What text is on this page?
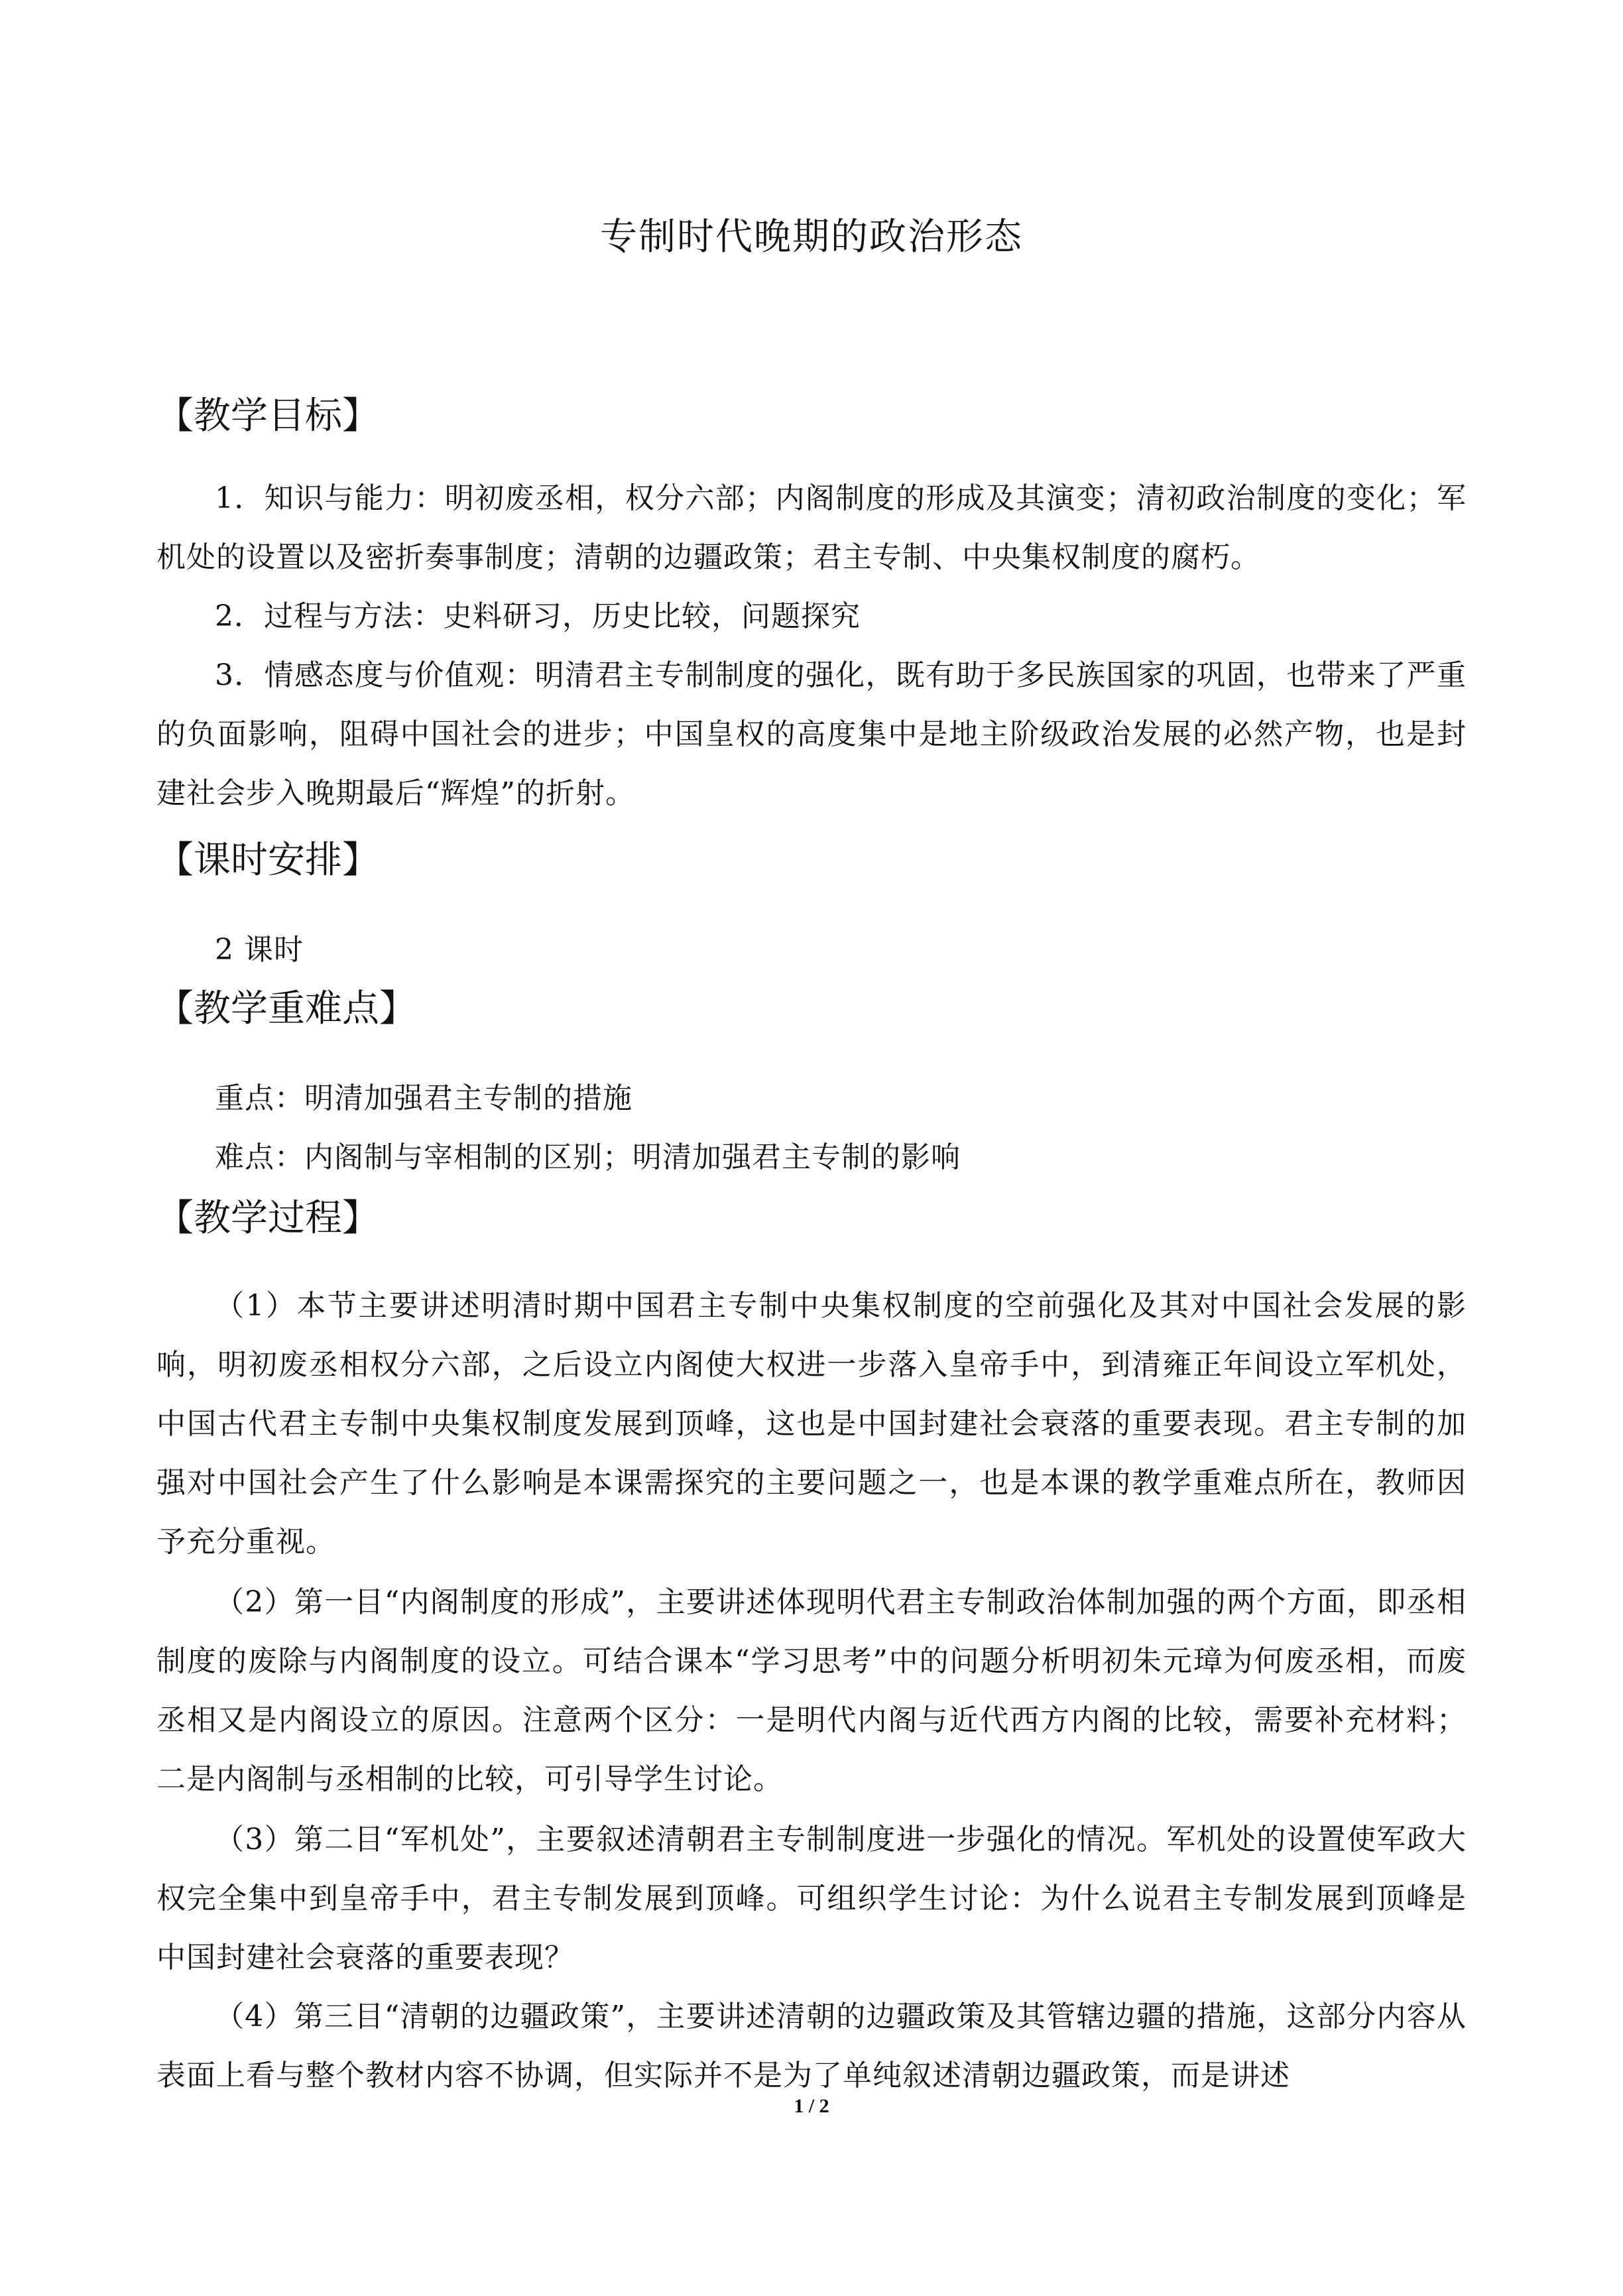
专制时代晚期的政治形态
【教学目标】
1．知识与能力：明初废丞相，权分六部；内阁制度的形成及其演变；清初政治制度的变化；军机处的设置以及密折奏事制度；清朝的边疆政策；君主专制、中央集权制度的腐朽。
2．过程与方法：史料研习，历史比较，问题探究
3．情感态度与价值观：明清君主专制制度的强化，既有助于多民族国家的巩固，也带来了严重的负面影响，阻碍中国社会的进步；中国皇权的高度集中是地主阶级政治发展的必然产物，也是封建社会步入晚期最后“辉煌”的折射。
【课时安排】
2 课时
【教学重难点】
重点：明清加强君主专制的措施
难点：内阁制与宰相制的区别；明清加强君主专制的影响
【教学过程】
（1）本节主要讲述明清时期中国君主专制中央集权制度的空前强化及其对中国社会发展的影响，明初废丞相权分六部，之后设立内阁使大权进一步落入皇帝手中，到清雍正年间设立军机处，中国古代君主专制中央集权制度发展到顶峰，这也是中国封建社会衰落的重要表现。君主专制的加强对中国社会产生了什么影响是本课需探究的主要问题之一，也是本课的教学重难点所在，教师因予充分重视。
（2）第一目“内阁制度的形成”，主要讲述体现明代君主专制政治体制加强的两个方面，即丞相制度的废除与内阁制度的设立。可结合课本“学习思考”中的问题分析明初朱元璋为何废丞相，而废丞相又是内阁设立的原因。注意两个区分：一是明代内阁与近代西方内阁的比较，需要补充材料；二是内阁制与丞相制的比较，可引导学生讨论。
（3）第二目“军机处”，主要叙述清朝君主专制制度进一步强化的情况。军机处的设置使军政大权完全集中到皇帝手中，君主专制发展到顶峰。可组织学生讨论：为什么说君主专制发展到顶峰是中国封建社会衰落的重要表现？
（4）第三目“清朝的边疆政策”，主要讲述清朝的边疆政策及其管辖边疆的措施，这部分内容从表面上看与整个教材内容不协调，但实际并不是为了单纯叙述清朝边疆政策，而是讲述
1 / 2
